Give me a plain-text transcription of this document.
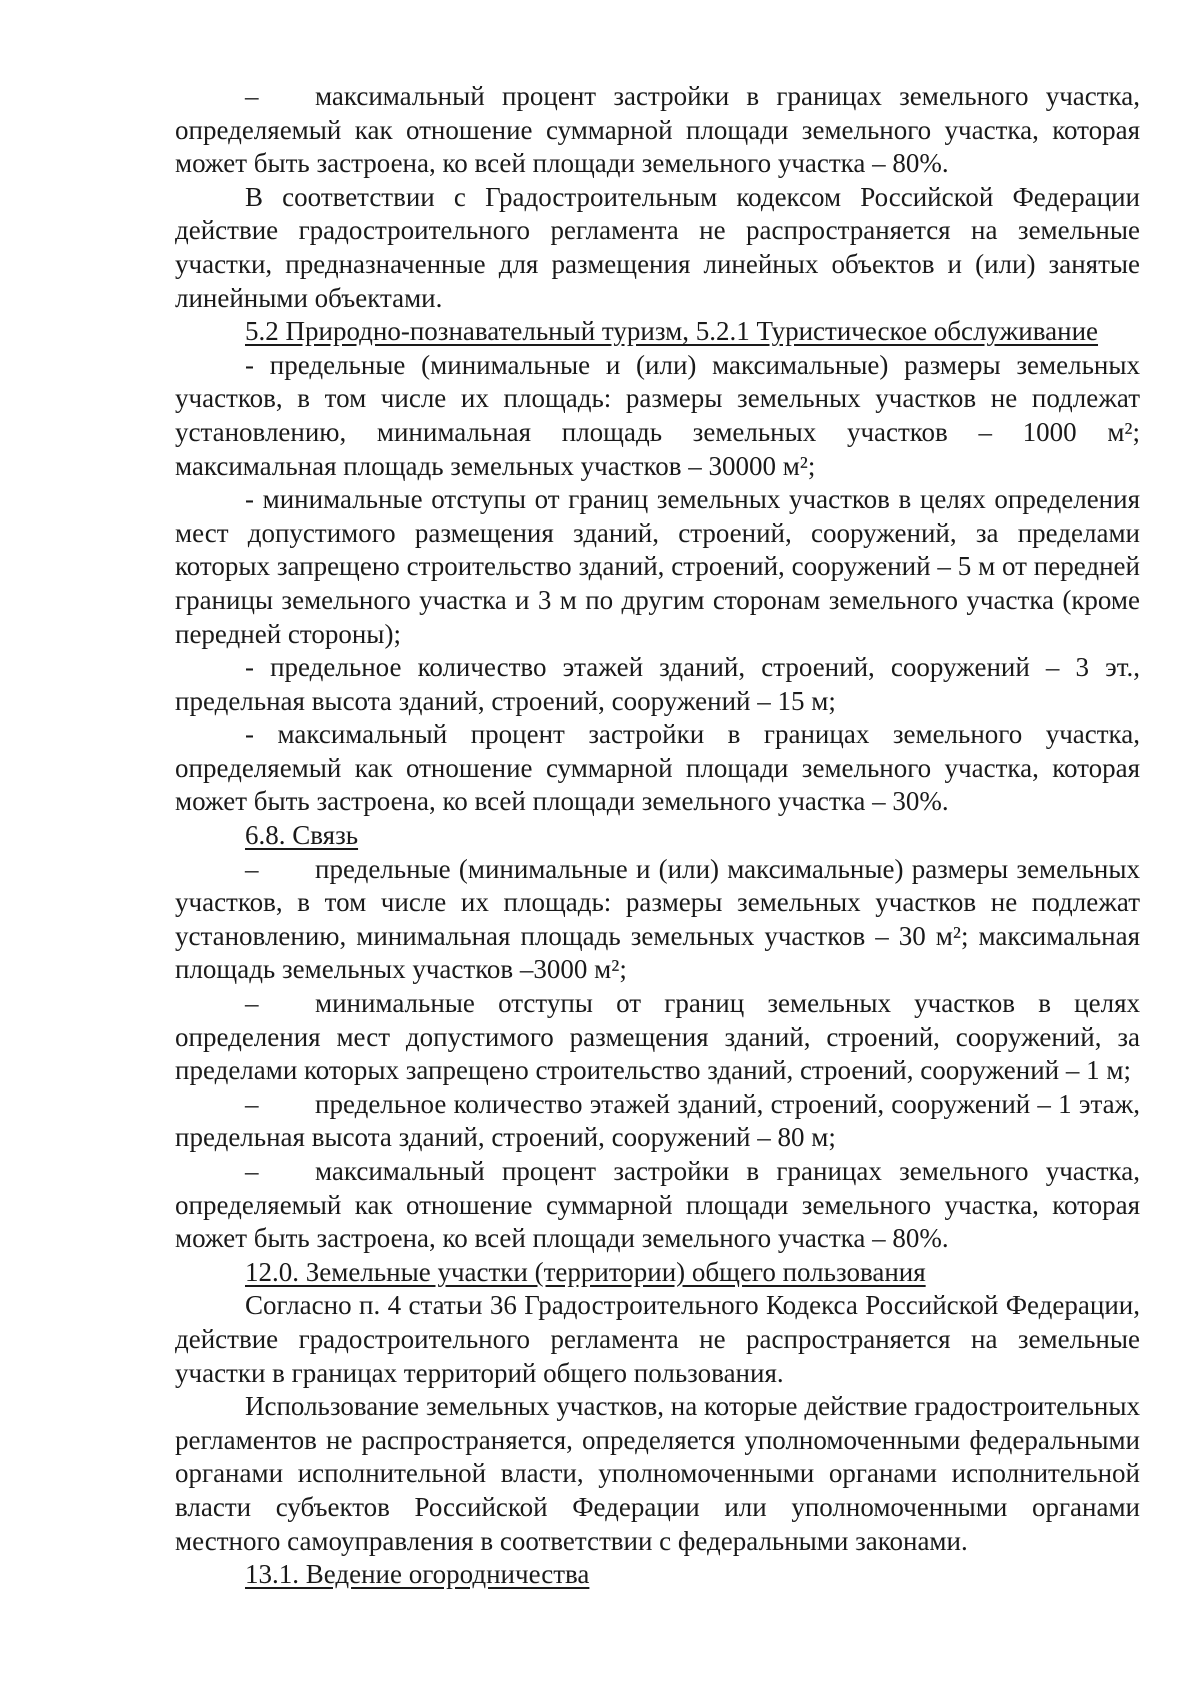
– максимальный процент застройки в границах земельного участка, определяемый как отношение суммарной площади земельного участка, которая может быть застроена, ко всей площади земельного участка – 80%.

В соответствии с Градостроительным кодексом Российской Федерации действие градостроительного регламента не распространяется на земельные участки, предназначенные для размещения линейных объектов и (или) занятые линейными объектами.

5.2 Природно-познавательный туризм, 5.2.1 Туристическое обслуживание

- предельные (минимальные и (или) максимальные) размеры земельных участков, в том числе их площадь: размеры земельных участков не подлежат установлению, минимальная площадь земельных участков – 1000 м²; максимальная площадь земельных участков – 30000 м²;

- минимальные отступы от границ земельных участков в целях определения мест допустимого размещения зданий, строений, сооружений, за пределами которых запрещено строительство зданий, строений, сооружений – 5 м от передней границы земельного участка и 3 м по другим сторонам земельного участка (кроме передней стороны);

- предельное количество этажей зданий, строений, сооружений – 3 эт., предельная высота зданий, строений, сооружений – 15 м;

- максимальный процент застройки в границах земельного участка, определяемый как отношение суммарной площади земельного участка, которая может быть застроена, ко всей площади земельного участка – 30%.

6.8. Связь

– предельные (минимальные и (или) максимальные) размеры земельных участков, в том числе их площадь: размеры земельных участков не подлежат установлению, минимальная площадь земельных участков – 30 м²; максимальная площадь земельных участков –3000 м²;

– минимальные отступы от границ земельных участков в целях определения мест допустимого размещения зданий, строений, сооружений, за пределами которых запрещено строительство зданий, строений, сооружений – 1 м;

– предельное количество этажей зданий, строений, сооружений – 1 этаж, предельная высота зданий, строений, сооружений – 80 м;

– максимальный процент застройки в границах земельного участка, определяемый как отношение суммарной площади земельного участка, которая может быть застроена, ко всей площади земельного участка – 80%.

12.0. Земельные участки (территории) общего пользования

Согласно п. 4 статьи 36 Градостроительного Кодекса Российской Федерации, действие градостроительного регламента не распространяется на земельные участки в границах территорий общего пользования.

Использование земельных участков, на которые действие градостроительных регламентов не распространяется, определяется уполномоченными федеральными органами исполнительной власти, уполномоченными органами исполнительной власти субъектов Российской Федерации или уполномоченными органами местного самоуправления в соответствии с федеральными законами.

13.1. Ведение огородничества
